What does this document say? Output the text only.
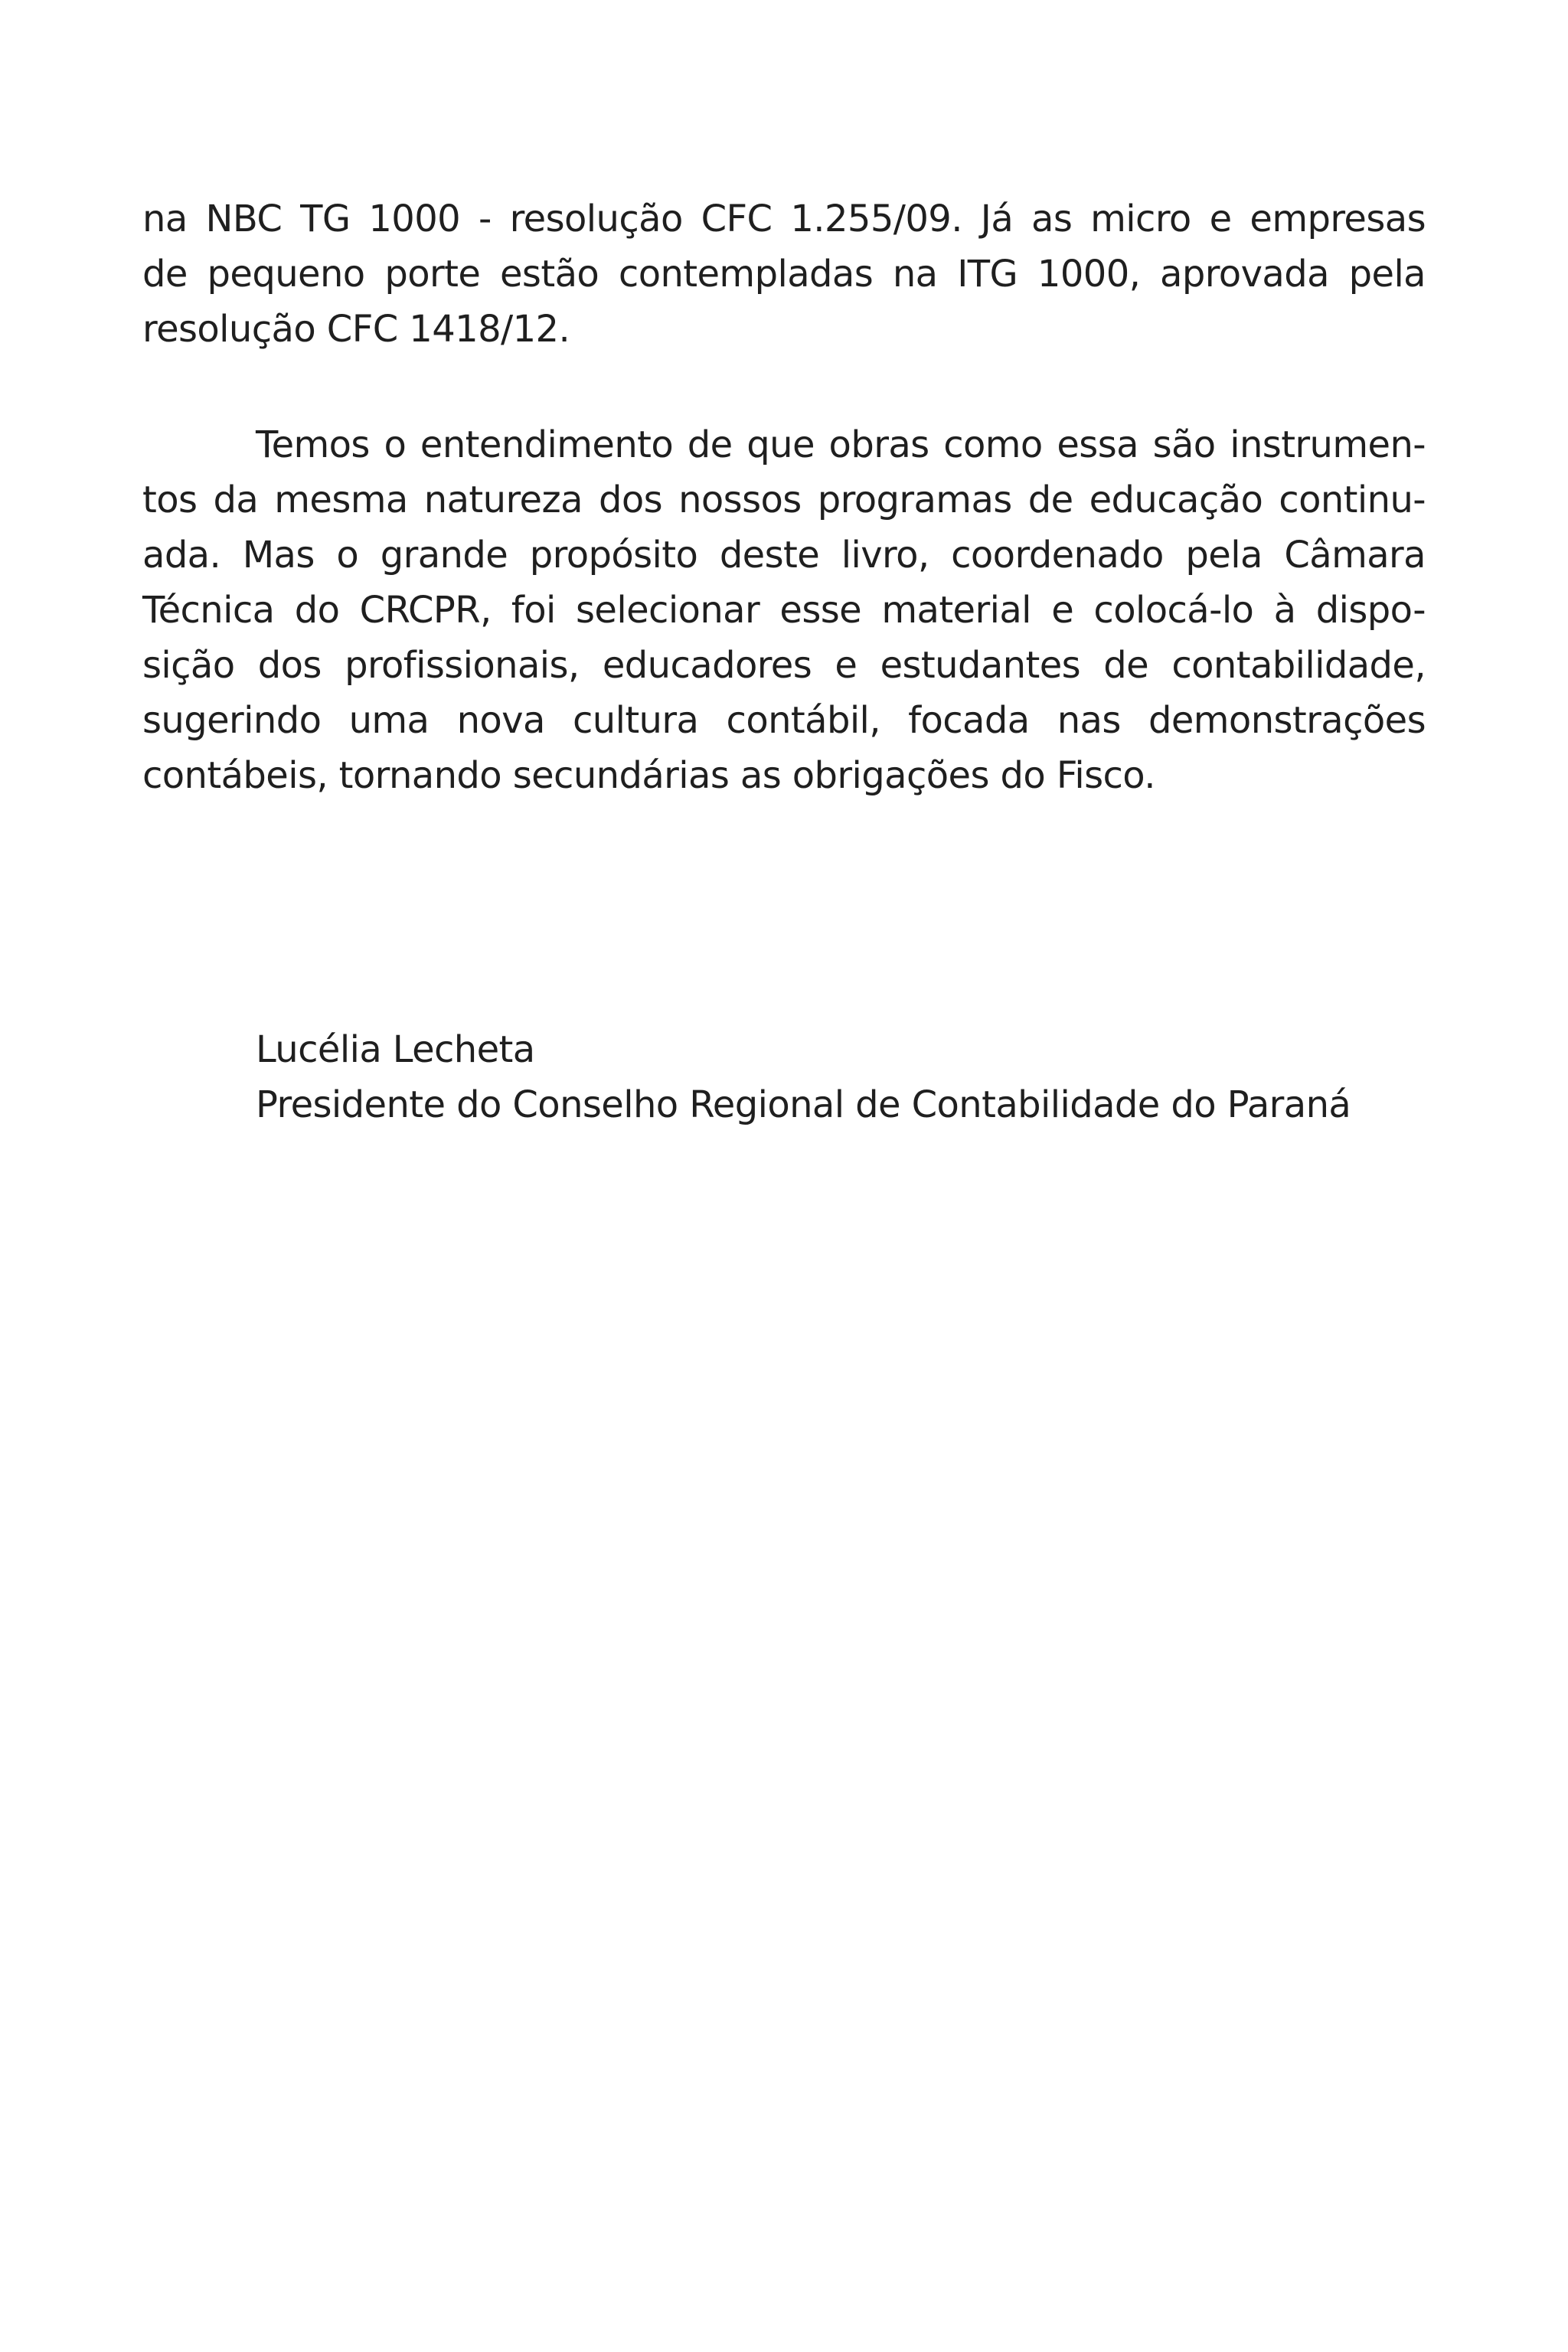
na NBC TG 1000 - resolução CFC 1.255/09. Já as micro e empresas
de pequeno porte estão contempladas na ITG 1000, aprovada pela
resolução CFC 1418/12.
Temos o entendimento de que obras como essa são instrumen-
tos da mesma natureza dos nossos programas de educação continu-
ada. Mas o grande propósito deste livro, coordenado pela Câmara
Técnica do CRCPR, foi selecionar esse material e colocá-lo à dispo-
sição dos profissionais, educadores e estudantes de contabilidade,
sugerindo uma nova cultura contábil, focada nas demonstrações
contábeis, tornando secundárias as obrigações do Fisco.
Lucélia Lecheta
Presidente do Conselho Regional de Contabilidade do Paraná
